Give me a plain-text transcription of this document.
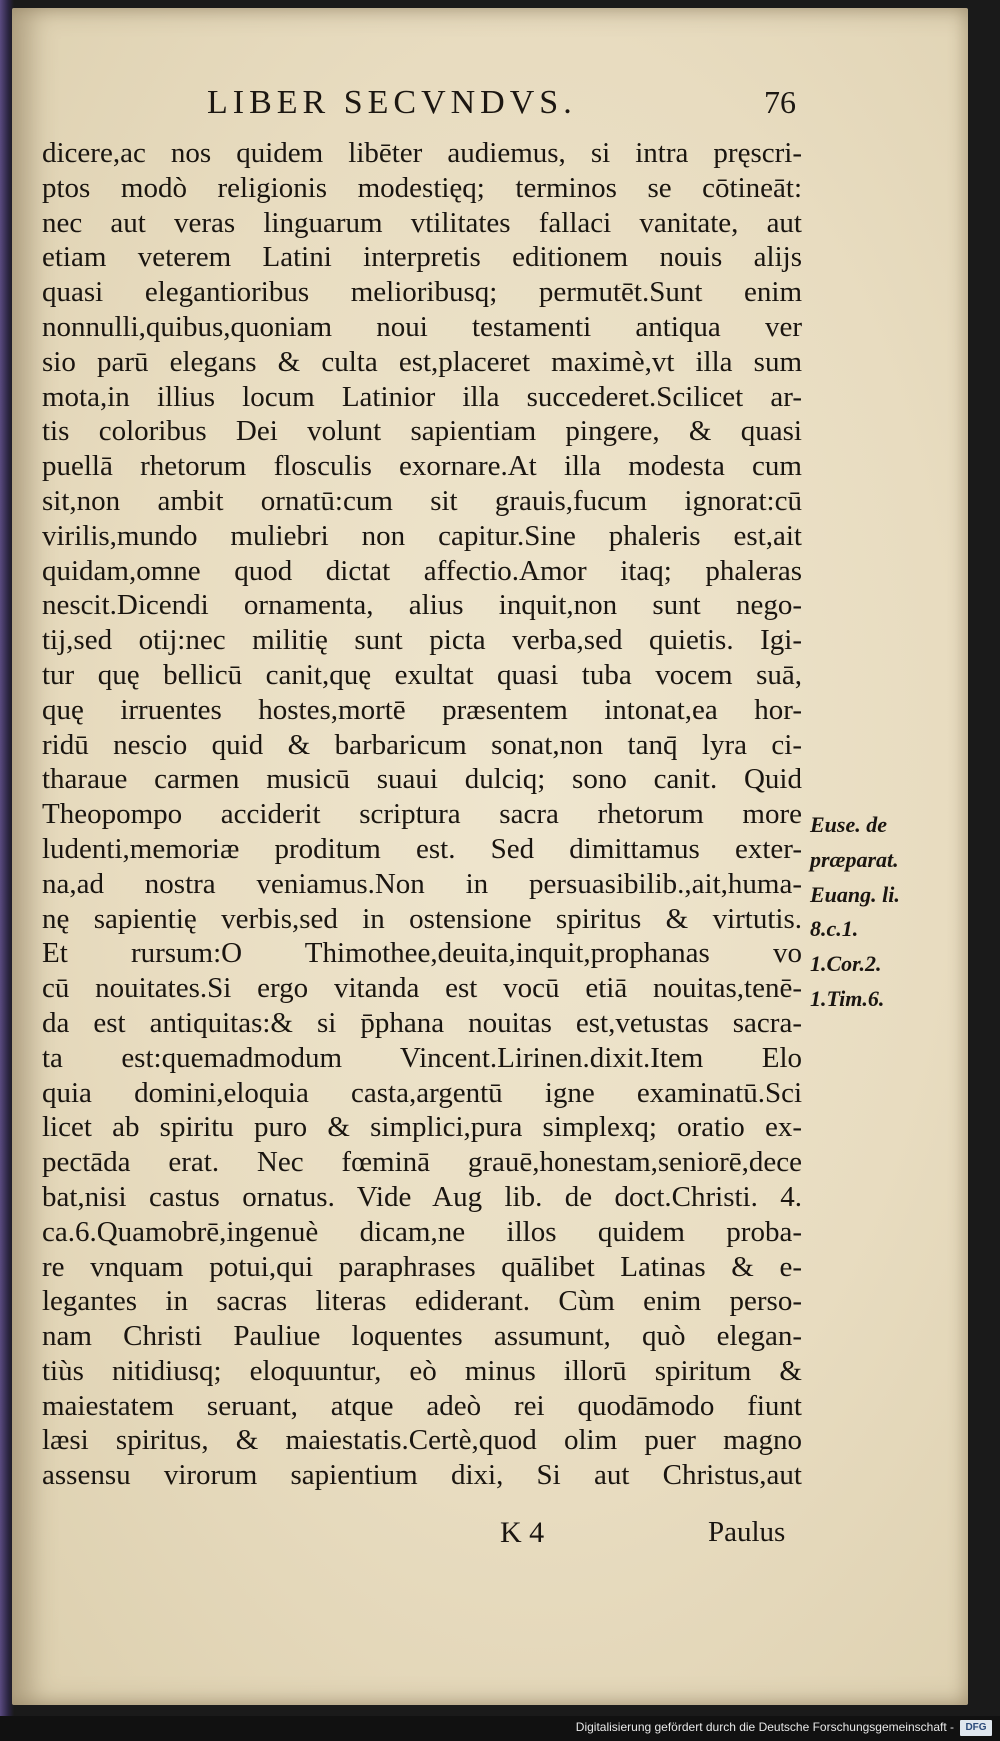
LIBER SECVNDVS.	76
dicere,ac nos quidem libēter audiemus, si intra pręscri-
ptos modò religionis modestięq; terminos se cōtineāt:
nec aut veras linguarum vtilitates fallaci vanitate, aut
etiam veterem Latini interpretis editionem nouis alijs
quasi elegantioribus melioribusq; permutēt.Sunt enim
nonnulli,quibus,quoniam noui testamenti antiqua ver
sio parū elegans & culta est,placeret maximè,vt illa sum
mota,in illius locum Latinior illa succederet.Scilicet ar-
tis coloribus Dei volunt sapientiam pingere, & quasi
puellā rhetorum flosculis exornare.At illa modesta cum
sit,non ambit ornatū:cum sit grauis,fucum ignorat:cū
virilis,mundo muliebri non capitur.Sine phaleris est,ait
quidam,omne quod dictat affectio.Amor itaq; phaleras
nescit.Dicendi ornamenta, alius inquit,non sunt nego-
tij,sed otij:nec militię sunt picta verba,sed quietis. Igi-
tur quę bellicū canit,quę exultat quasi tuba vocem suā,
quę irruentes hostes,mortē præsentem intonat,ea hor-
ridū nescio quid & barbaricum sonat,non tanq̄ lyra ci-
tharaue carmen musicū suaui dulciq; sono canit. Quid
Theopompo acciderit scriptura sacra rhetorum more
ludenti,memoriæ proditum est. Sed dimittamus exter-
na,ad nostra veniamus.Non in persuasibilib.,ait,huma-
nę sapientię verbis,sed in ostensione spiritus & virtutis.
Et rursum:O Thimothee,deuita,inquit,prophanas vo
cū nouitates.Si ergo vitanda est vocū etiā nouitas,tenē-
da est antiquitas:& si p̄phana nouitas est,vetustas sacra-
ta est:quemadmodum Vincent.Lirinen.dixit.Item Elo
quia domini,eloquia casta,argentū igne examinatū.Sci
licet ab spiritu puro & simplici,pura simplexq; oratio ex-
pectāda erat. Nec fœminā grauē,honestam,seniorē,dece
bat,nisi castus ornatus. Vide Aug lib. de doct.Christi. 4.
ca.6.Quamobrē,ingenuè dicam,ne illos quidem proba-
re vnquam potui,qui paraphrases quālibet Latinas & e-
legantes in sacras literas ediderant. Cùm enim perso-
nam Christi Pauliue loquentes assumunt, quò elegan-
tiùs nitidiusq; eloquuntur, eò minus illorū spiritum &
maiestatem seruant, atque adeò rei quodāmodo fiunt
læsi spiritus, & maiestatis.Certè,quod olim puer magno
assensu virorum sapientium dixi, Si aut Christus,aut
Euse. de
præparat.
Euang. li.
8.c.1.
1.Cor.2.
1.Tim.6.
K 4	Paulus
Digitalisierung gefördert durch die Deutsche Forschungsgemeinschaft -	DFG
